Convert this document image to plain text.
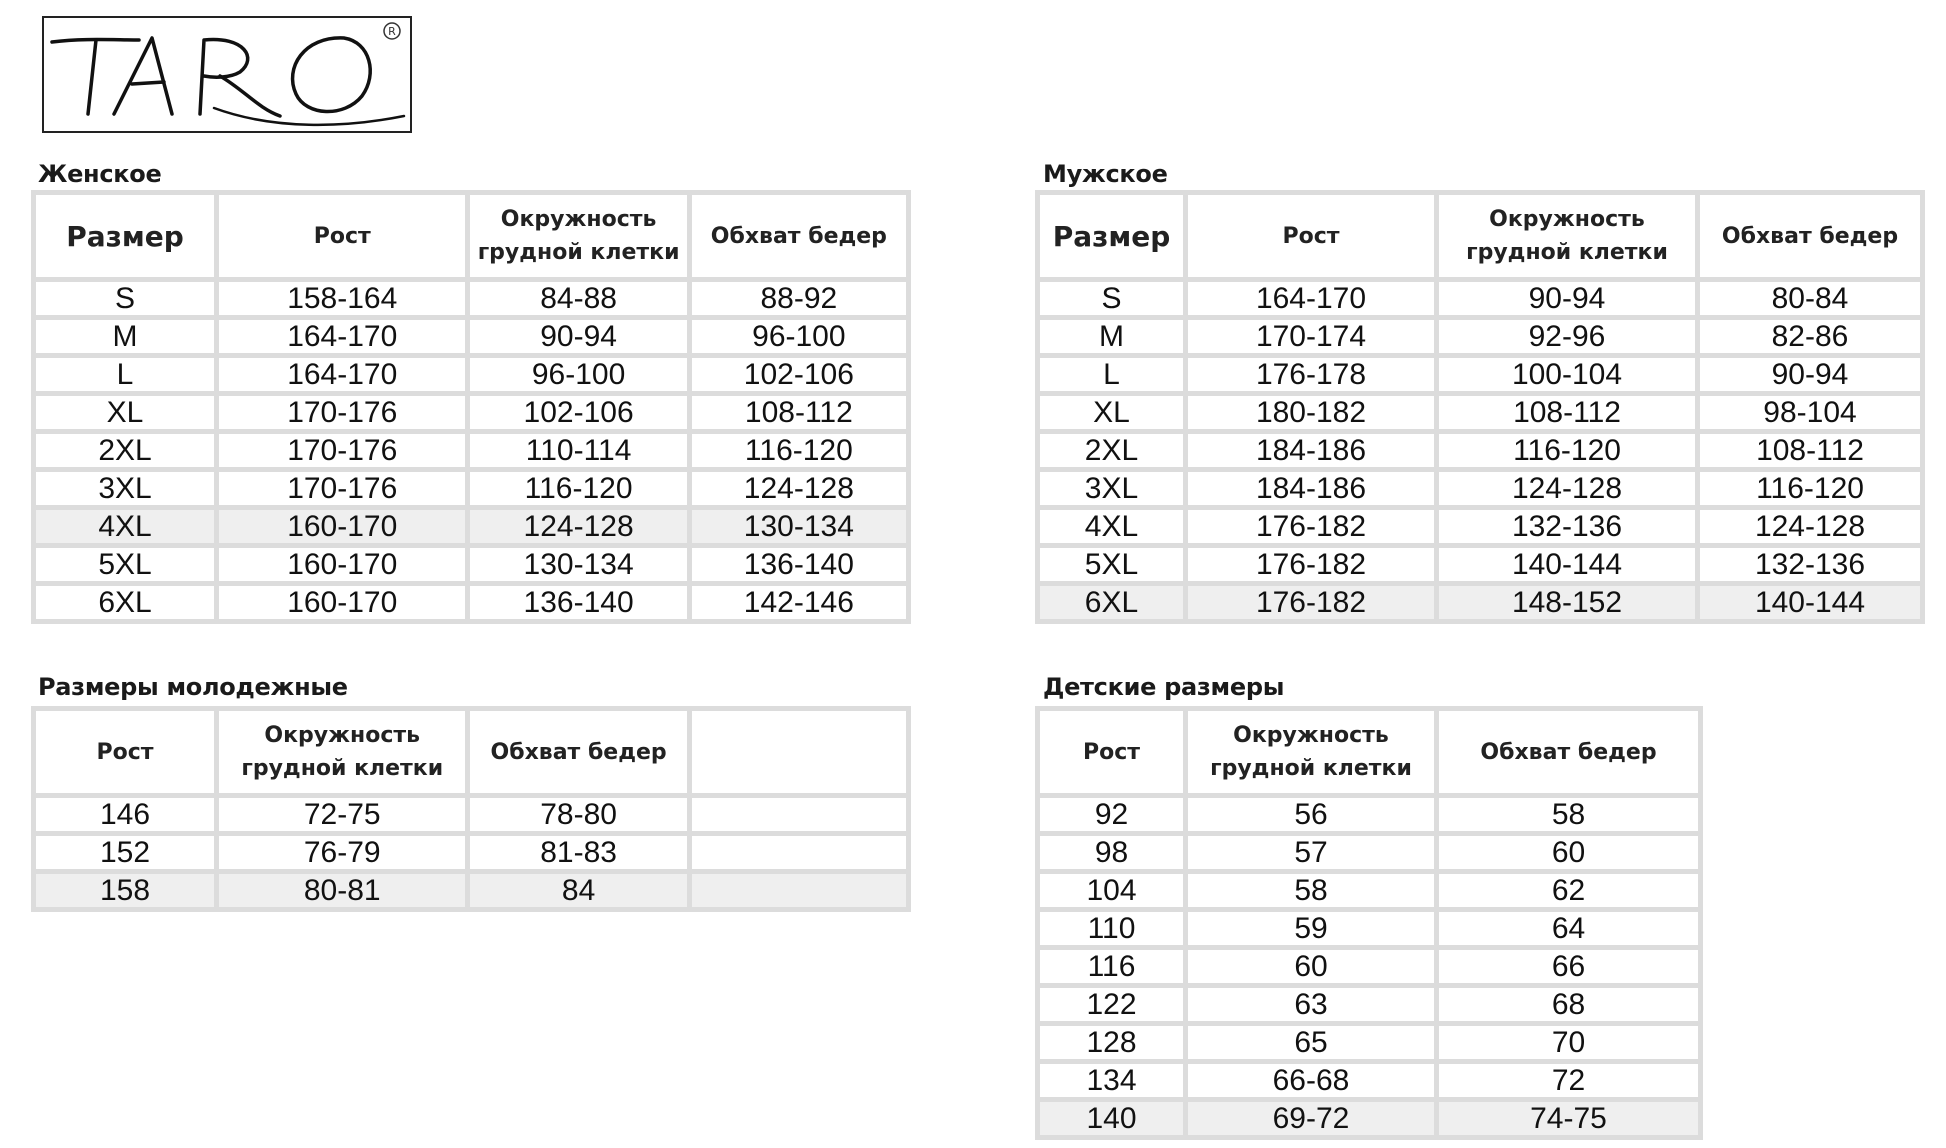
R
Женское
Размер	Рост	Окружность грудной клетки	Обхват бедер
S	158-164	84-88	88-92
M	164-170	90-94	96-100
L	164-170	96-100	102-106
XL	170-176	102-106	108-112
2XL	170-176	110-114	116-120
3XL	170-176	116-120	124-128
4XL	160-170	124-128	130-134
5XL	160-170	130-134	136-140
6XL	160-170	136-140	142-146
Мужское
Размер	Рост	Окружность грудной клетки	Обхват бедер
S	164-170	90-94	80-84
M	170-174	92-96	82-86
L	176-178	100-104	90-94
XL	180-182	108-112	98-104
2XL	184-186	116-120	108-112
3XL	184-186	124-128	116-120
4XL	176-182	132-136	124-128
5XL	176-182	140-144	132-136
6XL	176-182	148-152	140-144
Размеры молодежные
Рост	Окружность грудной клетки	Обхват бедер	
146	72-75	78-80	
152	76-79	81-83	
158	80-81	84	
Детские размеры
Рост	Окружность грудной клетки	Обхват бедер
92	56	58
98	57	60
104	58	62
110	59	64
116	60	66
122	63	68
128	65	70
134	66-68	72
140	69-72	74-75
